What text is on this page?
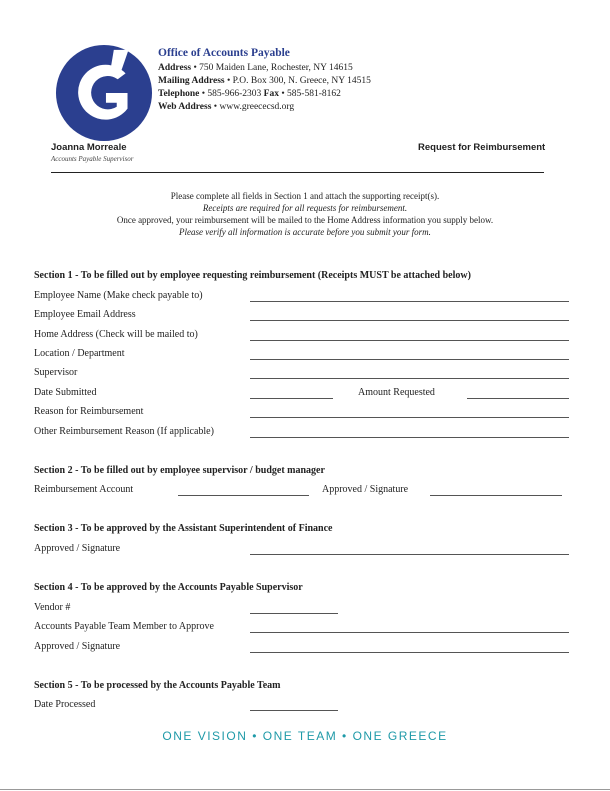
Office of Accounts Payable
Address • 750 Maiden Lane, Rochester, NY 14615
Mailing Address • P.O. Box 300, N. Greece, NY 14515
Telephone • 585-966-2303 Fax • 585-581-8162
Web Address • www.greececsd.org
Joanna Morreale
Accounts Payable Supervisor
Request for Reimbursement
Please complete all fields in Section 1 and attach the supporting receipt(s).
Receipts are required for all requests for reimbursement.
Once approved, your reimbursement will be mailed to the Home Address information you supply below.
Please verify all information is accurate before you submit your form.
Section 1 - To be filled out by employee requesting reimbursement (Receipts MUST be attached below)
Employee Name (Make check payable to)
Employee Email Address
Home Address (Check will be mailed to)
Location / Department
Supervisor
Date Submitted	Amount Requested
Reason for Reimbursement
Other Reimbursement Reason (If applicable)
Section 2 - To be filled out by employee supervisor / budget manager
Reimbursement Account	Approved / Signature
Section 3 - To be approved by the Assistant Superintendent of Finance
Approved / Signature
Section 4 - To be approved by the Accounts Payable Supervisor
Vendor #
Accounts Payable Team Member to Approve
Approved / Signature
Section 5 - To be processed by the Accounts Payable Team
Date Processed
ONE VISION • ONE TEAM • ONE GREECE
